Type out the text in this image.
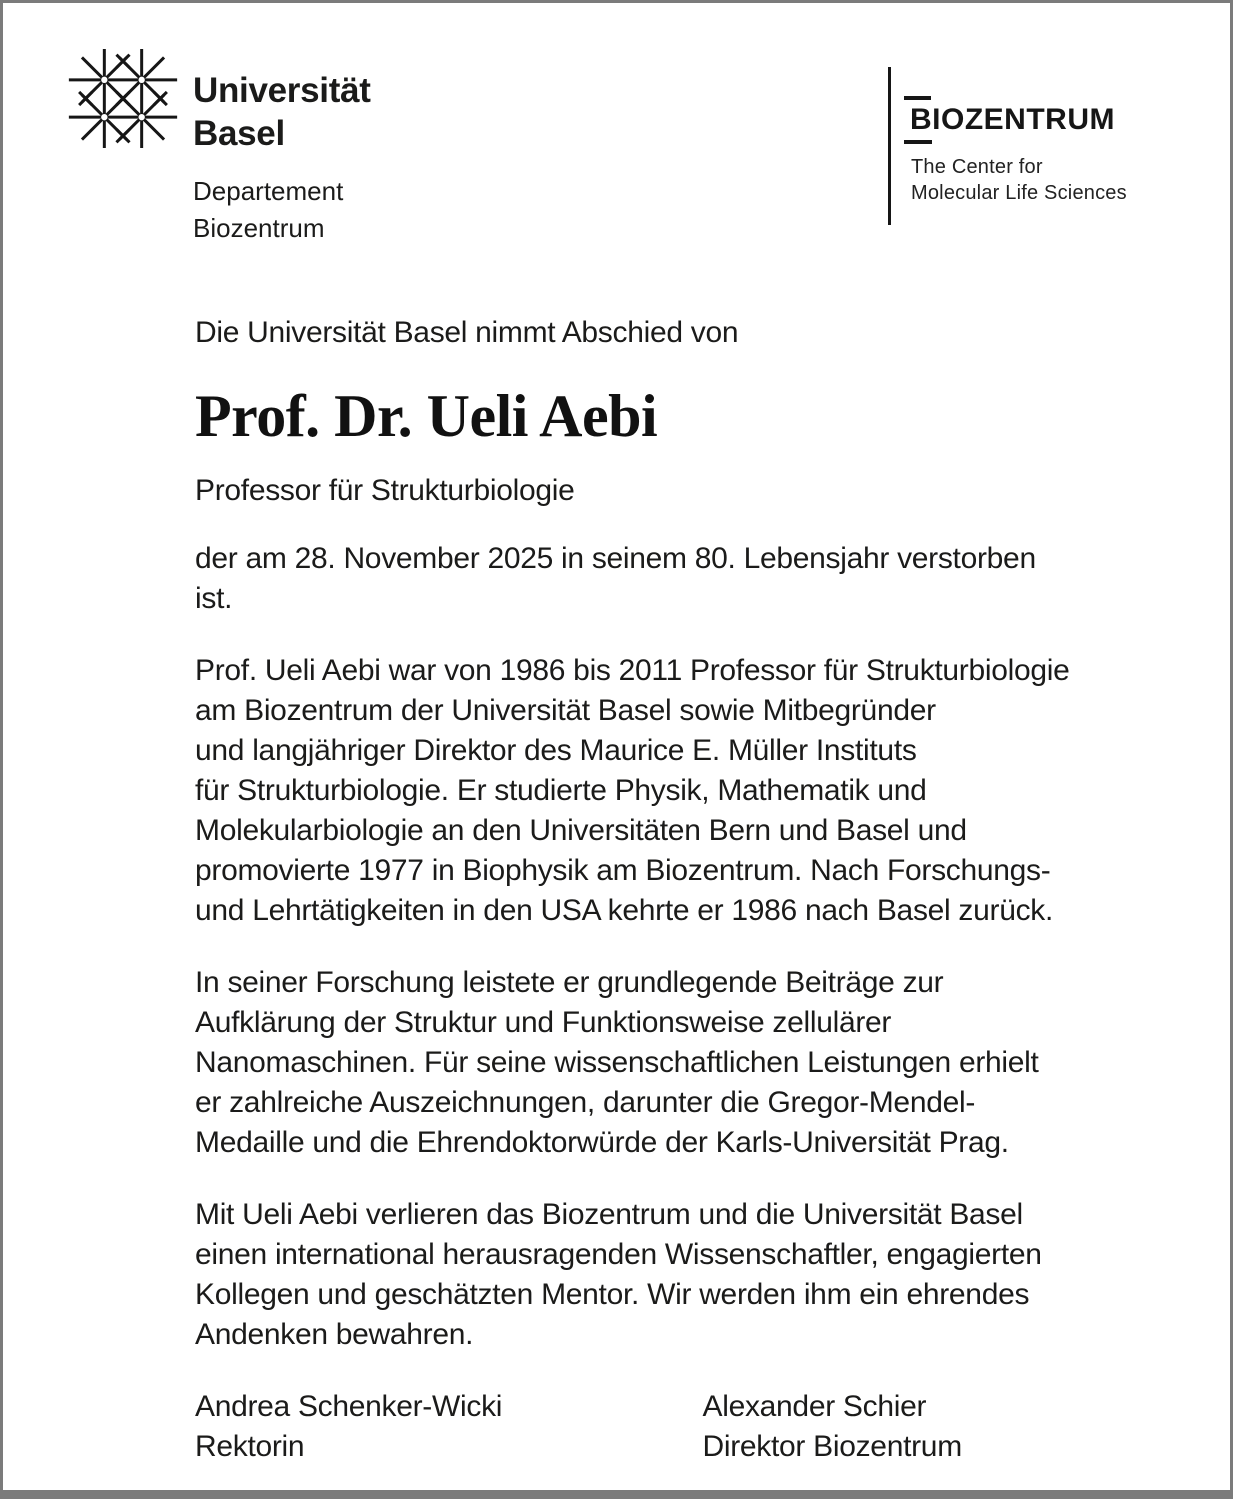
Universität
Basel
Departement
Biozentrum
BIOZENTRUM
The Center for
Molecular Life Sciences
Die Universität Basel nimmt Abschied von
Prof. Dr. Ueli Aebi
Professor für Strukturbiologie

der am 28. November 2025 in seinem 80. Lebensjahr verstorben
ist.

Prof. Ueli Aebi war von 1986 bis 2011 Professor für Strukturbiologie
am Biozentrum der Universität Basel sowie Mitbegründer
und langjähriger Direktor des Maurice E. Müller Instituts
für Strukturbiologie. Er studierte Physik, Mathematik und
Molekularbiologie an den Universitäten Bern und Basel und
promovierte 1977 in Biophysik am Biozentrum. Nach Forschungs-
und Lehrtätigkeiten in den USA kehrte er 1986 nach Basel zurück.

In seiner Forschung leistete er grundlegende Beiträge zur
Aufklärung der Struktur und Funktionsweise zellulärer
Nanomaschinen. Für seine wissenschaftlichen Leistungen erhielt
er zahlreiche Auszeichnungen, darunter die Gregor-Mendel-
Medaille und die Ehrendoktorwürde der Karls-Universität Prag.

Mit Ueli Aebi verlieren das Biozentrum und die Universität Basel
einen international herausragenden Wissenschaftler, engagierten
Kollegen und geschätzten Mentor. Wir werden ihm ein ehrendes
Andenken bewahren.

Andrea Schenker-Wicki
Rektorin
Alexander Schier
Direktor Biozentrum
